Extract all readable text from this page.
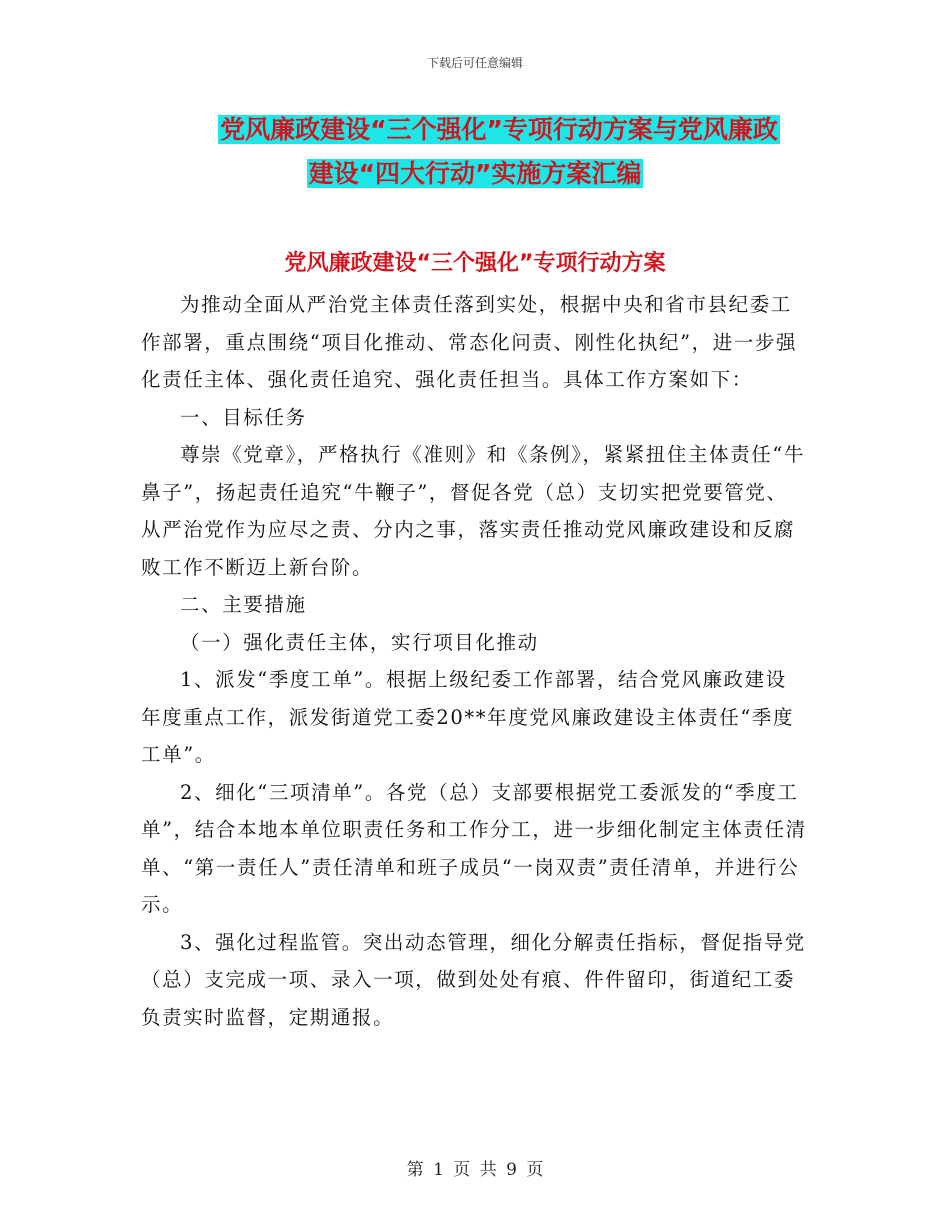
下载后可任意编辑
党风廉政建设“三个强化”专项行动方案与党风廉政
建设“四大行动”实施方案汇编
党风廉政建设“三个强化”专项行动方案

为推动全面从严治党主体责任落到实处，根据中央和省市县纪委工作部署，重点围绕“项目化推动、常态化问责、刚性化执纪”，进一步强化责任主体、强化责任追究、强化责任担当。具体工作方案如下：

一、目标任务

尊崇《党章》，严格执行《准则》和《条例》，紧紧扭住主体责任“牛鼻子”，扬起责任追究“牛鞭子”，督促各党（总）支切实把党要管党、从严治党作为应尽之责、分内之事，落实责任推动党风廉政建设和反腐败工作不断迈上新台阶。

二、主要措施

（一）强化责任主体，实行项目化推动

1、派发“季度工单”。根据上级纪委工作部署，结合党风廉政建设年度重点工作，派发街道党工委20**年度党风廉政建设主体责任“季度工单”。

2、细化“三项清单”。各党（总）支部要根据党工委派发的“季度工单”，结合本地本单位职责任务和工作分工，进一步细化制定主体责任清单、“第一责任人”责任清单和班子成员“一岗双责”责任清单，并进行公示。

3、强化过程监管。突出动态管理，细化分解责任指标，督促指导党（总）支完成一项、录入一项，做到处处有痕、件件留印，街道纪工委负责实时监督，定期通报。

第 1 页 共 9 页
